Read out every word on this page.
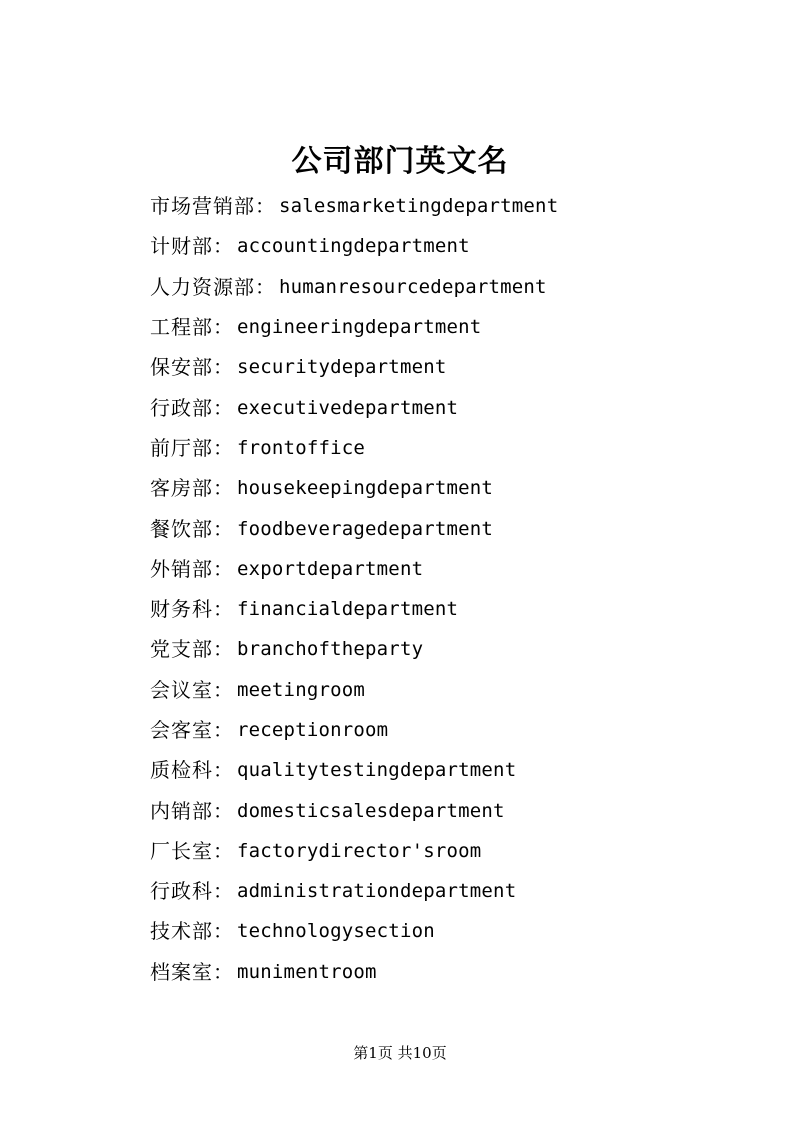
公司部门英文名
市场营销部 ： salesmarketingdepartment
计财部 ： accountingdepartment
人力资源部 ： humanresourcedepartment
工程部 ： engineeringdepartment
保安部 ： securitydepartment
行政部 ： executivedepartment
前厅部 ： frontoffice
客房部 ： housekeepingdepartment
餐饮部 ： foodbeveragedepartment
外销部 ： exportdepartment
财务科 ： financialdepartment
党支部 ： branchoftheparty
会议室 ： meetingroom
会客室 ： receptionroom
质检科 ： qualitytestingdepartment
内销部 ： domesticsalesdepartment
厂长室 ： factorydirector'sroom
行政科 ： administrationdepartment
技术部 ： technologysection
档案室 ： munimentroom
第1页 共10页
